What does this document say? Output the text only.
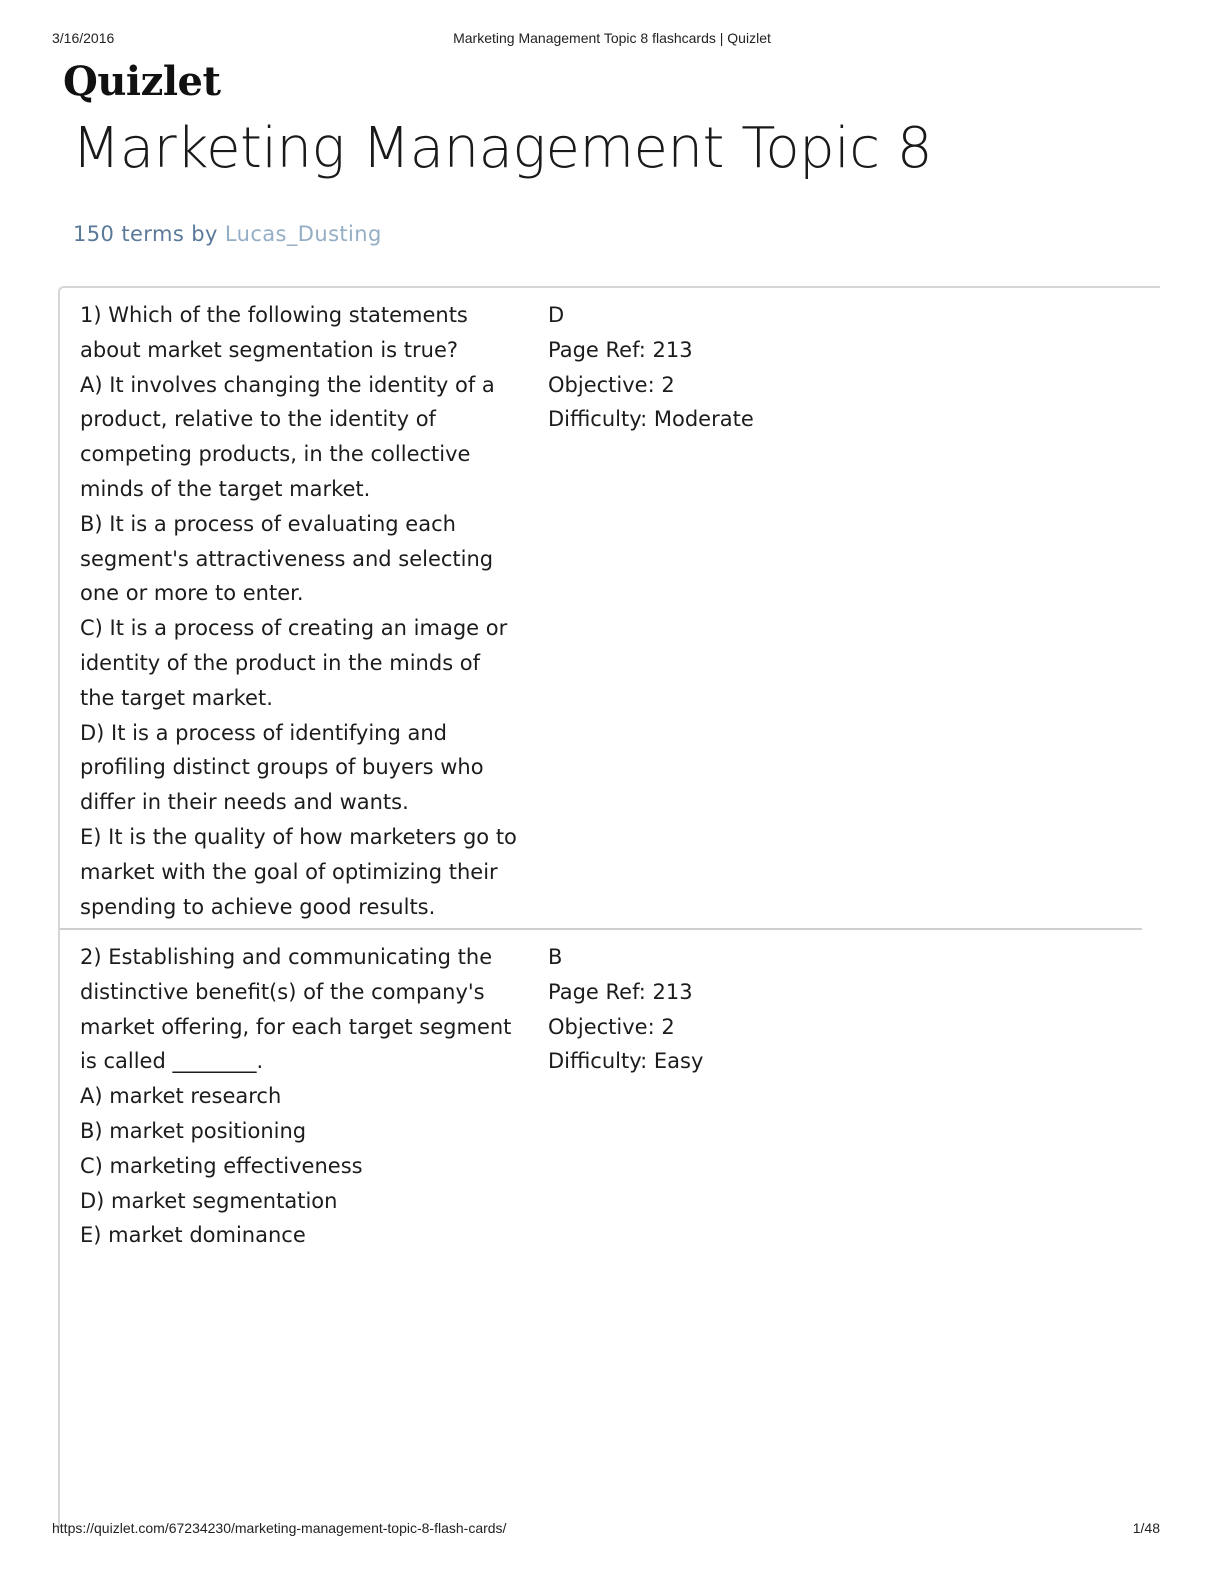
3/16/2016	Marketing Management Topic 8 flashcards | Quizlet
Quizlet
Marketing Management Topic 8
150 terms by Lucas_Dusting
1) Which of the following statements about market segmentation is true?
A) It involves changing the identity of a product, relative to the identity of competing products, in the collective minds of the target market.
B) It is a process of evaluating each segment's attractiveness and selecting one or more to enter.
C) It is a process of creating an image or identity of the product in the minds of the target market.
D) It is a process of identifying and profiling distinct groups of buyers who differ in their needs and wants.
E) It is the quality of how marketers go to market with the goal of optimizing their spending to achieve good results.
D
Page Ref: 213
Objective: 2
Difficulty: Moderate
2) Establishing and communicating the distinctive benefit(s) of the company's market offering, for each target segment is called ________.
A) market research
B) market positioning
C) marketing effectiveness
D) market segmentation
E) market dominance
B
Page Ref: 213
Objective: 2
Difficulty: Easy
https://quizlet.com/67234230/marketing-management-topic-8-flash-cards/	1/48
